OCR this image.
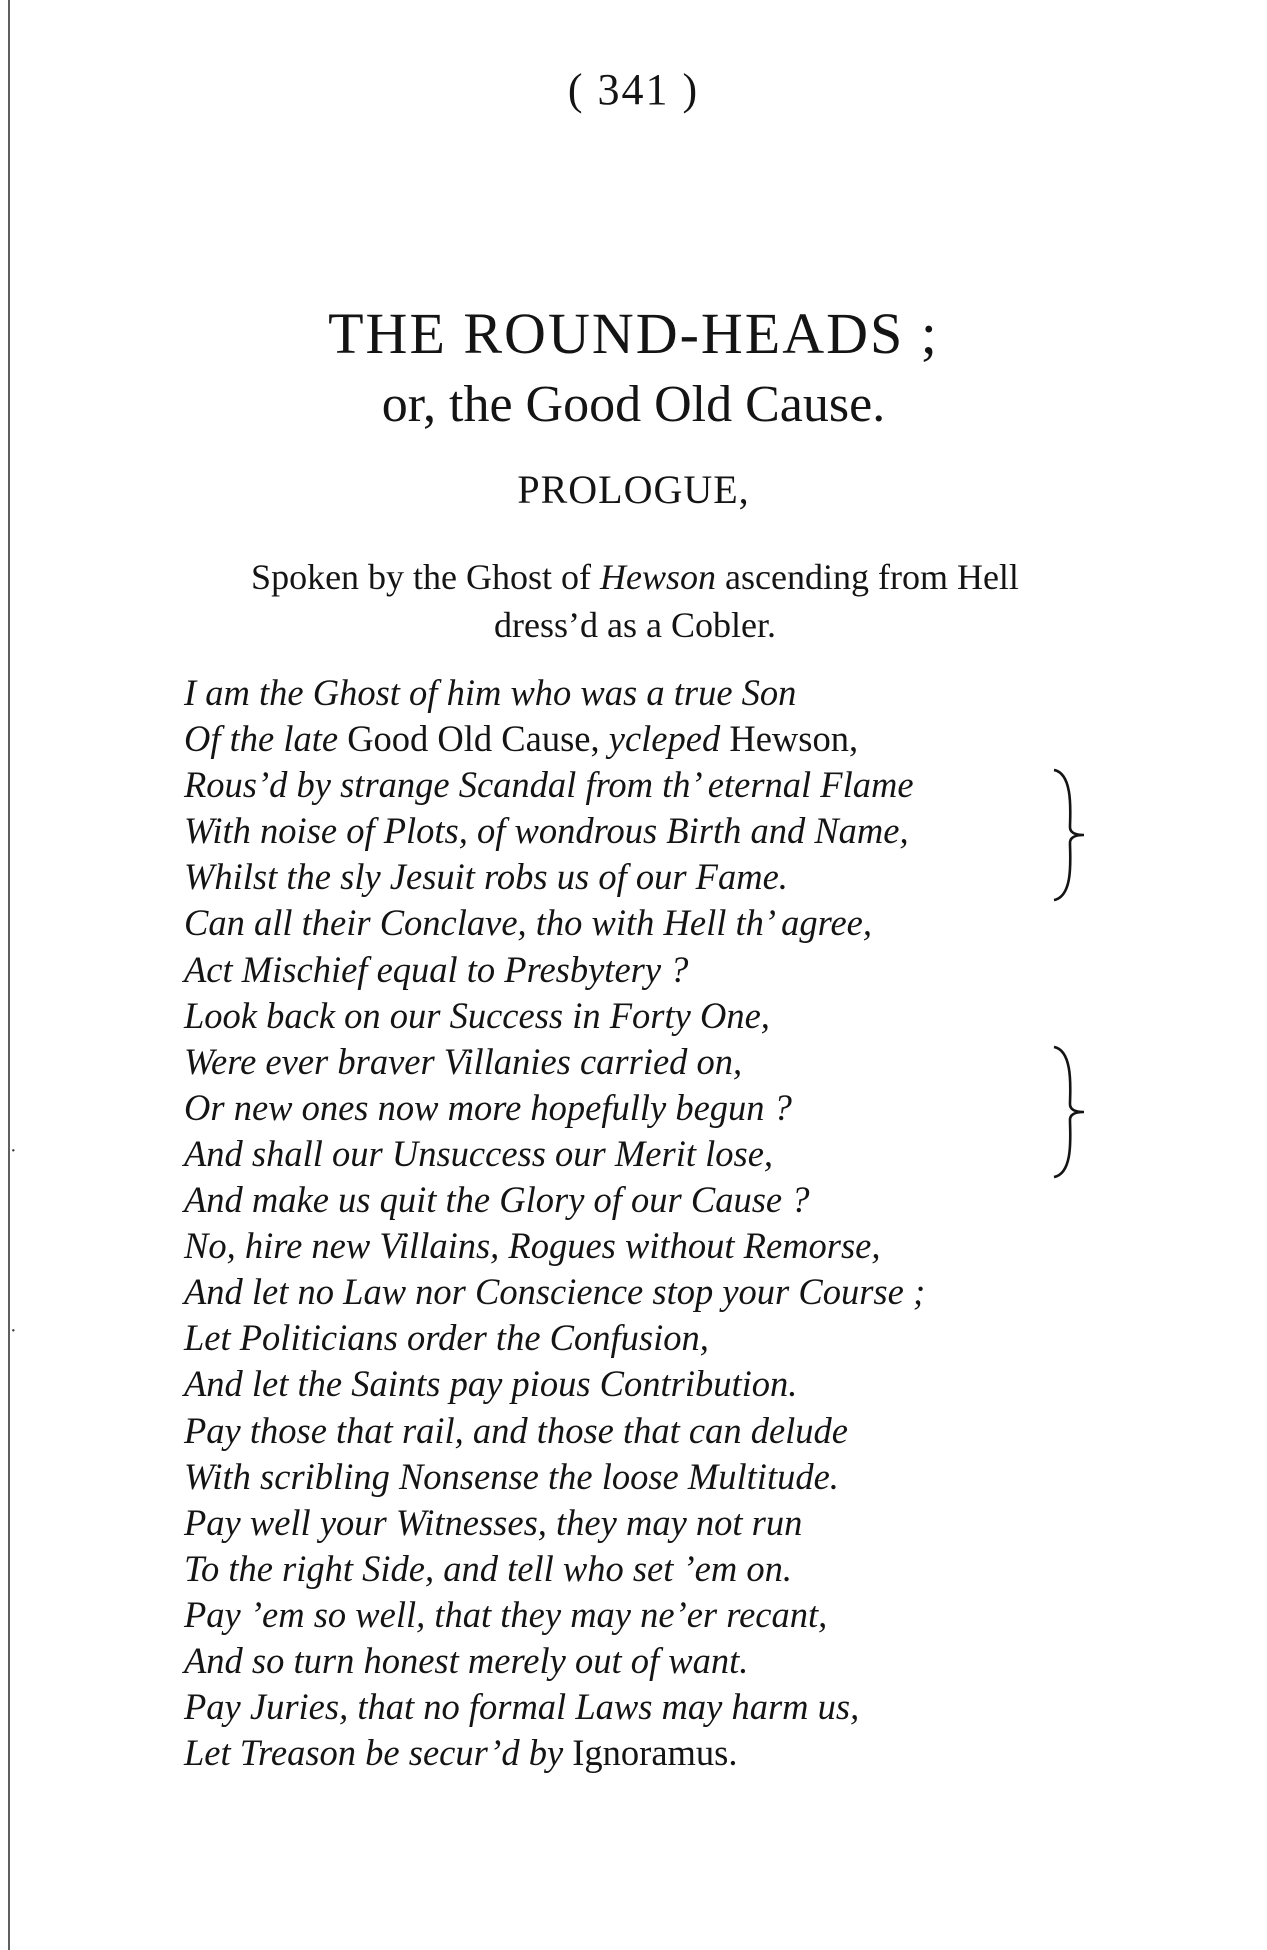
·
·
( 341 )
THE ROUND-HEADS ;
or, the Good Old Cause.
PROLOGUE,
Spoken by the Ghost of Hewson ascending from Hell
dress’d as a Cobler.
I am the Ghost of him who was a true Son
Of the late Good Old Cause, ycleped Hewson,
Rous’d by strange Scandal from th’ eternal Flame
With noise of Plots, of wondrous Birth and Name,
Whilst the sly Jesuit robs us of our Fame.
Can all their Conclave, tho with Hell th’ agree,
Act Mischief equal to Presbytery ?
Look back on our Success in Forty One,
Were ever braver Villanies carried on,
Or new ones now more hopefully begun ?
And shall our Unsuccess our Merit lose,
And make us quit the Glory of our Cause ?
No, hire new Villains, Rogues without Remorse,
And let no Law nor Conscience stop your Course ;
Let Politicians order the Confusion,
And let the Saints pay pious Contribution.
Pay those that rail, and those that can delude
With scribling Nonsense the loose Multitude.
Pay well your Witnesses, they may not run
To the right Side, and tell who set ’em on.
Pay ’em so well, that they may ne’er recant,
And so turn honest merely out of want.
Pay Juries, that no formal Laws may harm us,
Let Treason be secur’d by Ignoramus.
